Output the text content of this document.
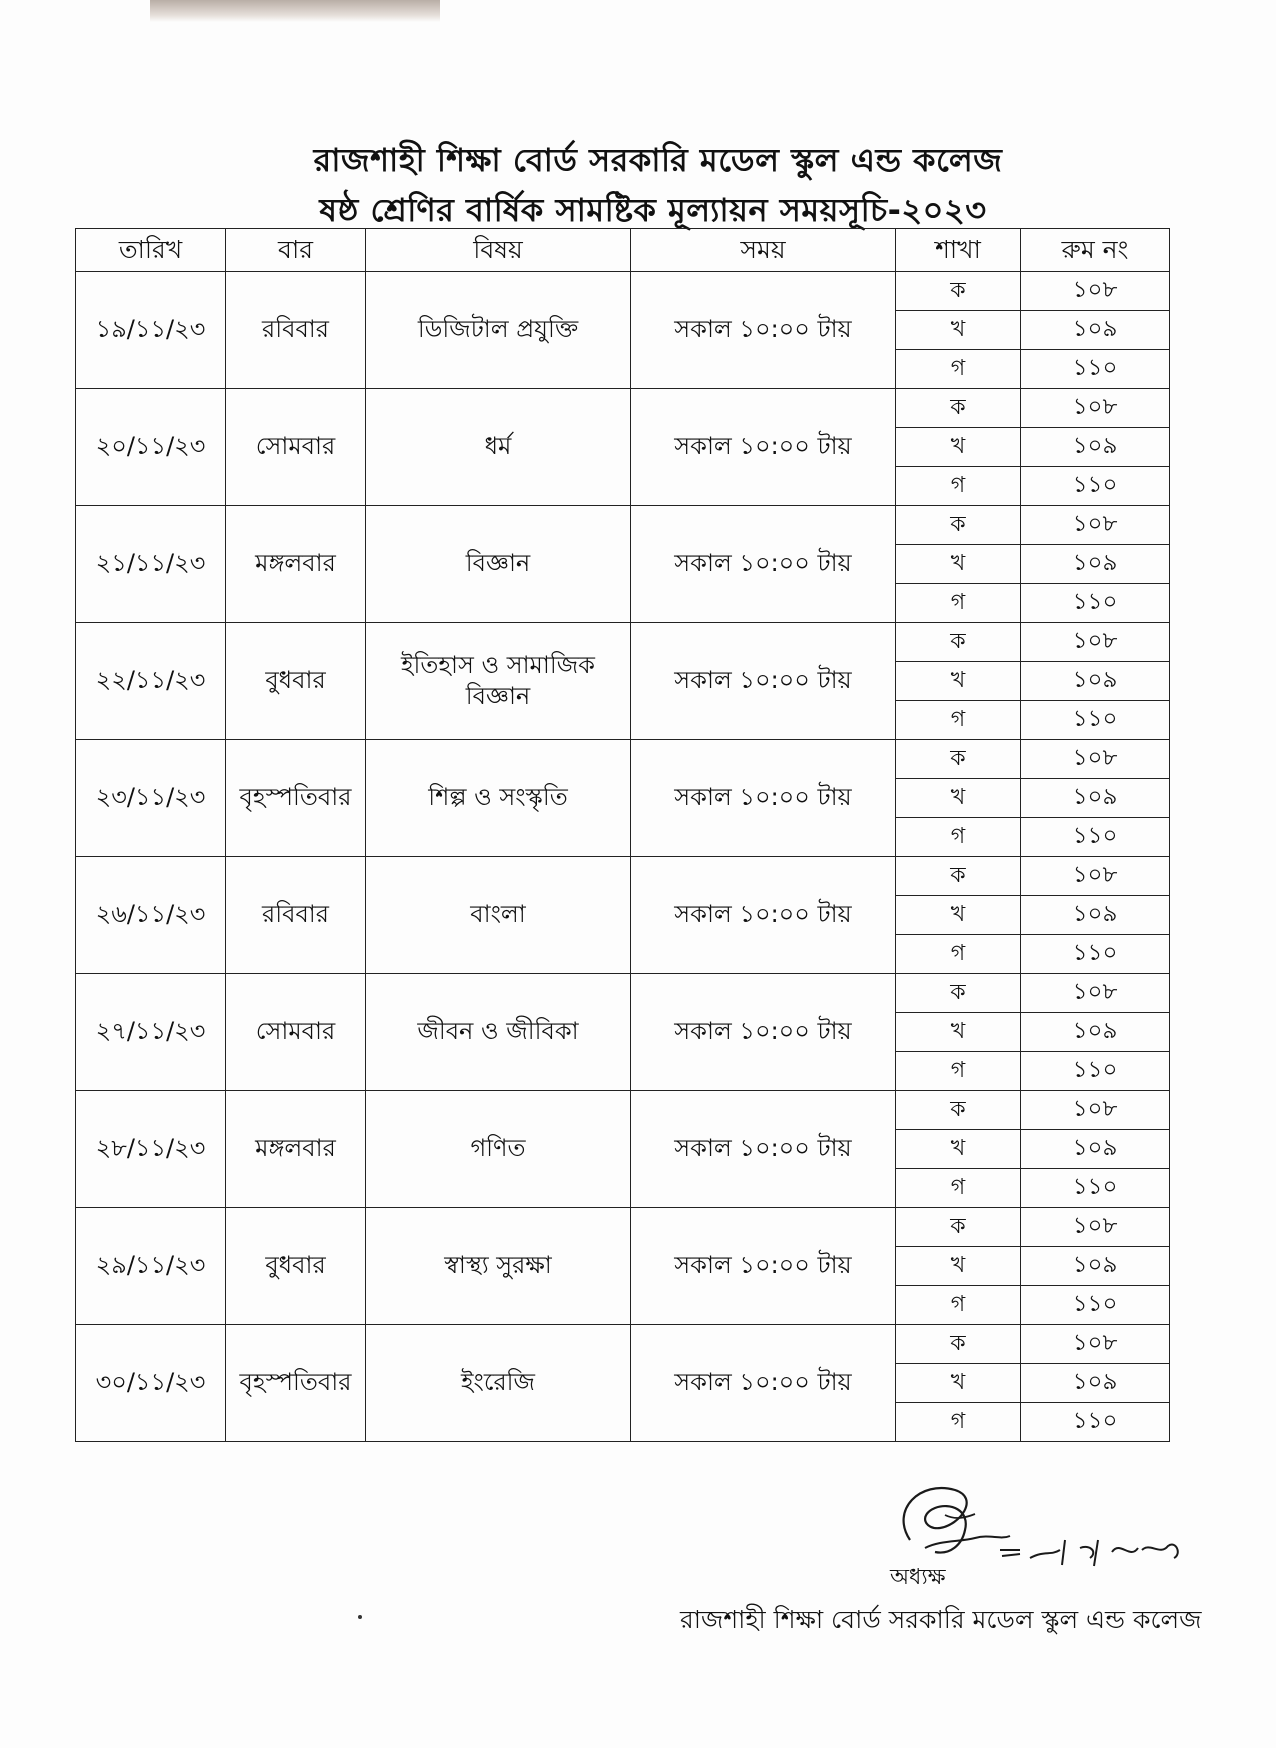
রাজশাহী শিক্ষা বোর্ড সরকারি মডেল স্কুল এন্ড কলেজ
ষষ্ঠ শ্রেণির বার্ষিক সামষ্টিক মূল্যায়ন সময়সূচি-২০২৩
তারিখ	বার	বিষয়	সময়	শাখা	রুম নং
১৯/১১/২৩	রবিবার	ডিজিটাল প্রযুক্তি	সকাল ১০:০০ টায়	ক	১০৮
				খ	১০৯
				গ	১১০
২০/১১/২৩	সোমবার	ধর্ম	সকাল ১০:০০ টায়	ক	১০৮
				খ	১০৯
				গ	১১০
২১/১১/২৩	মঙ্গলবার	বিজ্ঞান	সকাল ১০:০০ টায়	ক	১০৮
				খ	১০৯
				গ	১১০
২২/১১/২৩	বুধবার	ইতিহাস ও সামাজিক বিজ্ঞান	সকাল ১০:০০ টায়	ক	১০৮
				খ	১০৯
				গ	১১০
২৩/১১/২৩	বৃহস্পতিবার	শিল্প ও সংস্কৃতি	সকাল ১০:০০ টায়	ক	১০৮
				খ	১০৯
				গ	১১০
২৬/১১/২৩	রবিবার	বাংলা	সকাল ১০:০০ টায়	ক	১০৮
				খ	১০৯
				গ	১১০
২৭/১১/২৩	সোমবার	জীবন ও জীবিকা	সকাল ১০:০০ টায়	ক	১০৮
				খ	১০৯
				গ	১১০
২৮/১১/২৩	মঙ্গলবার	গণিত	সকাল ১০:০০ টায়	ক	১০৮
				খ	১০৯
				গ	১১০
২৯/১১/২৩	বুধবার	স্বাস্থ্য সুরক্ষা	সকাল ১০:০০ টায়	ক	১০৮
				খ	১০৯
				গ	১১০
৩০/১১/২৩	বৃহস্পতিবার	ইংরেজি	সকাল ১০:০০ টায়	ক	১০৮
				খ	১০৯
				গ	১১০
অধ্যক্ষ
রাজশাহী শিক্ষা বোর্ড সরকারি মডেল স্কুল এন্ড কলেজ
